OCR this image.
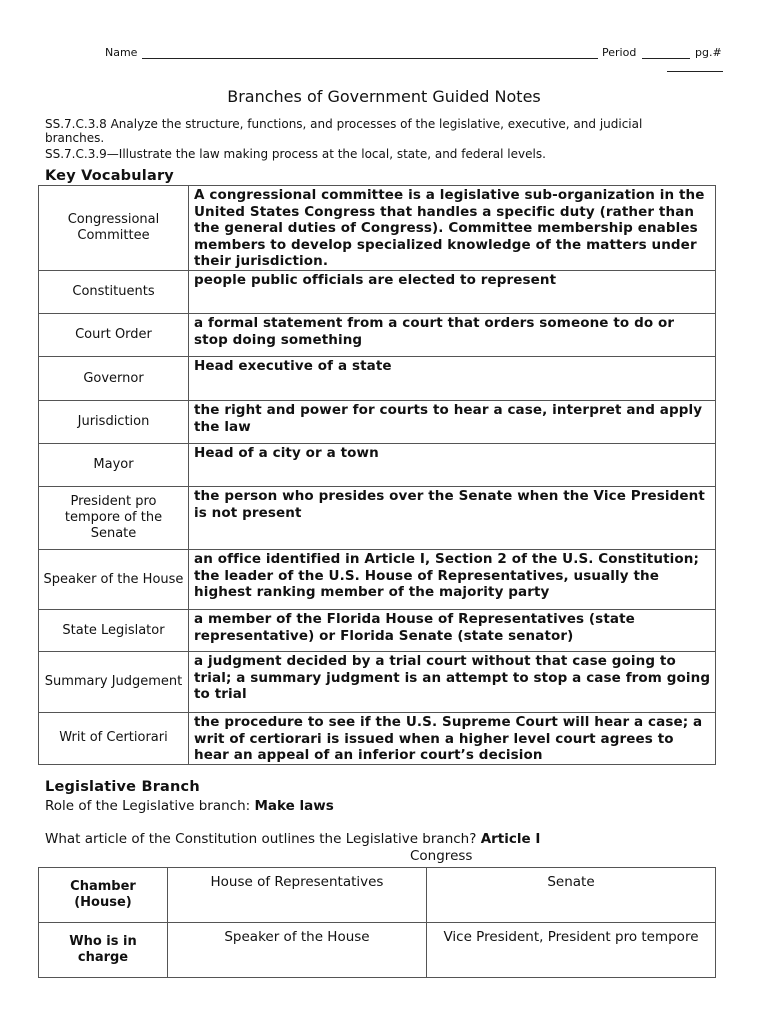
Name	Period	pg.#
Branches of Government Guided Notes
SS.7.C.3.8 Analyze the structure, functions, and processes of the legislative, executive, and judicial branches.
SS.7.C.3.9—Illustrate the law making process at the local, state, and federal levels.
Key Vocabulary
Congressional Committee	A congressional committee is a legislative sub-organization in the United States Congress that handles a specific duty (rather than the general duties of Congress). Committee membership enables members to develop specialized knowledge of the matters under their jurisdiction.
Constituents	people public officials are elected to represent
Court Order	a formal statement from a court that orders someone to do or stop doing something
Governor	Head executive of a state
Jurisdiction	the right and power for courts to hear a case, interpret and apply the law
Mayor	Head of a city or a town
President pro tempore of the Senate	the person who presides over the Senate when the Vice President is not present
Speaker of the House	an office identified in Article I, Section 2 of the U.S. Constitution; the leader of the U.S. House of Representatives, usually the highest ranking member of the majority party
State Legislator	a member of the Florida House of Representatives (state representative) or Florida Senate (state senator)
Summary Judgement	a judgment decided by a trial court without that case going to trial; a summary judgment is an attempt to stop a case from going to trial
Writ of Certiorari	the procedure to see if the U.S. Supreme Court will hear a case; a writ of certiorari is issued when a higher level court agrees to hear an appeal of an inferior court’s decision
Legislative Branch
Role of the Legislative branch: Make laws
What article of the Constitution outlines the Legislative branch? Article I
Congress
Chamber (House)	House of Representatives	Senate
Who is in charge	Speaker of the House	Vice President, President pro tempore
